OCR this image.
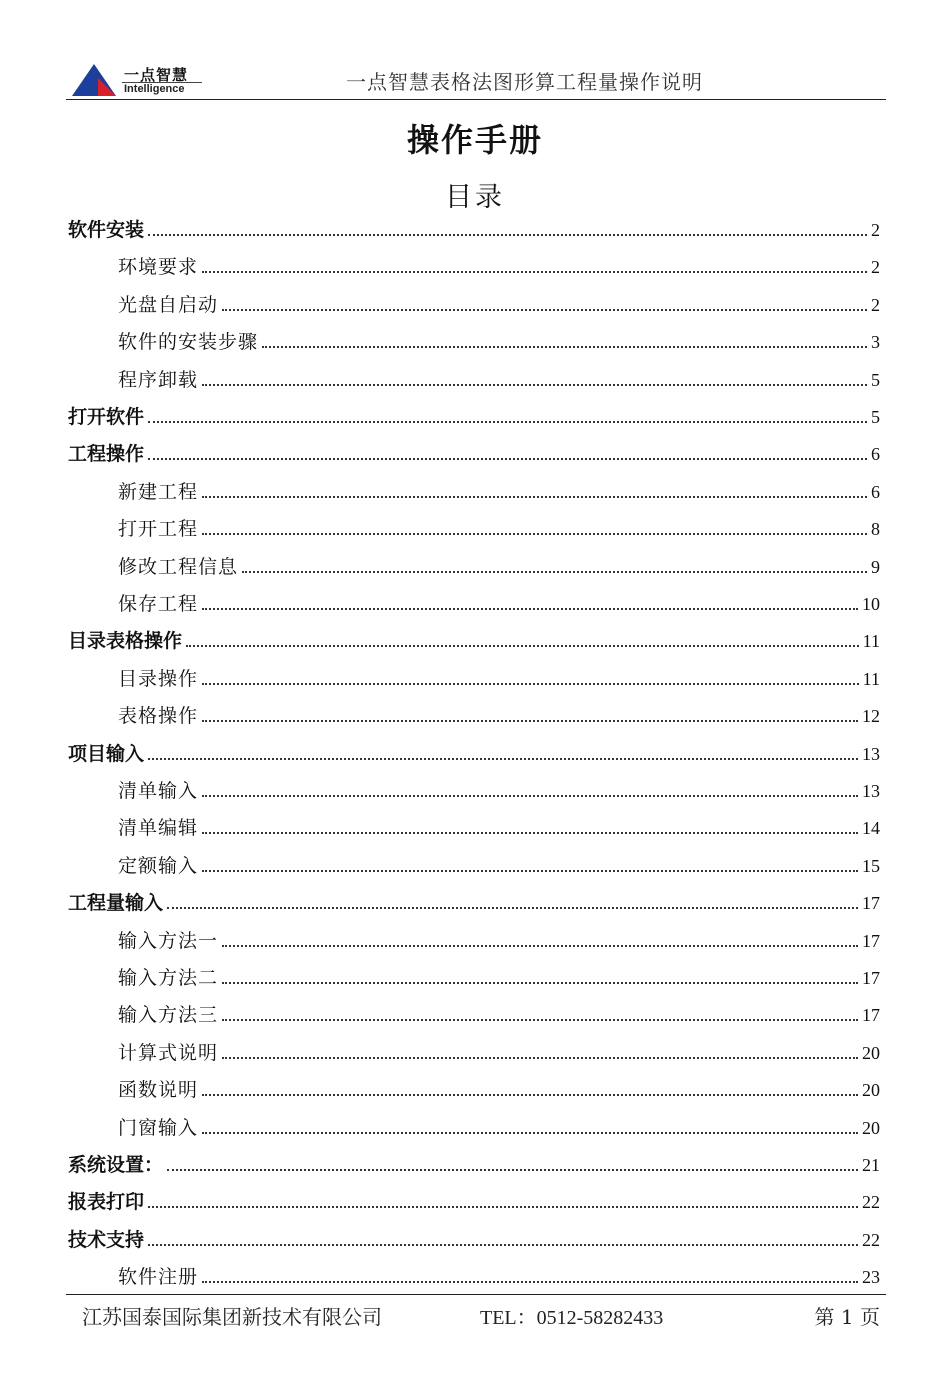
一点智慧
Intelligence	一点智慧表格法图形算工程量操作说明
操作手册
目录
软件安装	2
环境要求	2
光盘自启动	2
软件的安装步骤	3
程序卸载	5
打开软件	5
工程操作	6
新建工程	6
打开工程	8
修改工程信息	9
保存工程	10
目录表格操作	11
目录操作	11
表格操作	12
项目输入	13
清单输入	13
清单编辑	14
定额输入	15
工程量输入	17
输入方法一	17
输入方法二	17
输入方法三	17
计算式说明	20
函数说明	20
门窗输入	20
系统设置：	21
报表打印	22
技术支持	22
软件注册	23
江苏国泰国际集团新技术有限公司	TEL：0512-58282433	第 1 页
